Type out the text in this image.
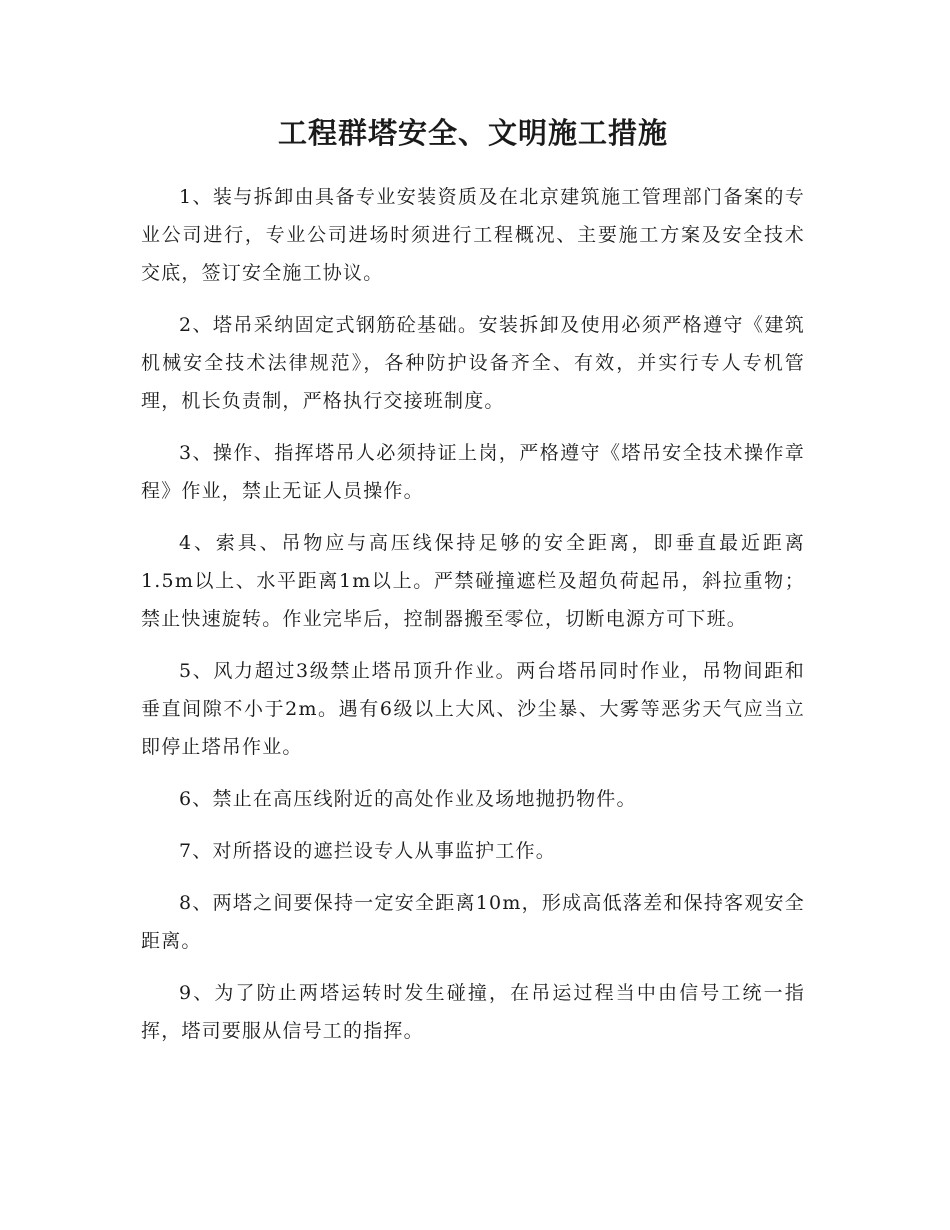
工程群塔安全、文明施工措施

1、装与拆卸由具备专业安装资质及在北京建筑施工管理部门备案的专业公司进行，专业公司进场时须进行工程概况、主要施工方案及安全技术交底，签订安全施工协议。

2、塔吊采纳固定式钢筋砼基础。安装拆卸及使用必须严格遵守《建筑机械安全技术法律规范》，各种防护设备齐全、有效，并实行专人专机管理，机长负责制，严格执行交接班制度。

3、操作、指挥塔吊人必须持证上岗，严格遵守《塔吊安全技术操作章程》作业，禁止无证人员操作。

4、索具、吊物应与高压线保持足够的安全距离，即垂直最近距离1.5m以上、水平距离1m以上。严禁碰撞遮栏及超负荷起吊，斜拉重物；禁止快速旋转。作业完毕后，控制器搬至零位，切断电源方可下班。

5、风力超过3级禁止塔吊顶升作业。两台塔吊同时作业，吊物间距和垂直间隙不小于2m。遇有6级以上大风、沙尘暴、大雾等恶劣天气应当立即停止塔吊作业。

6、禁止在高压线附近的高处作业及场地抛扔物件。

7、对所搭设的遮拦设专人从事监护工作。

8、两塔之间要保持一定安全距离10m，形成高低落差和保持客观安全距离。

9、为了防止两塔运转时发生碰撞，在吊运过程当中由信号工统一指挥，塔司要服从信号工的指挥。
